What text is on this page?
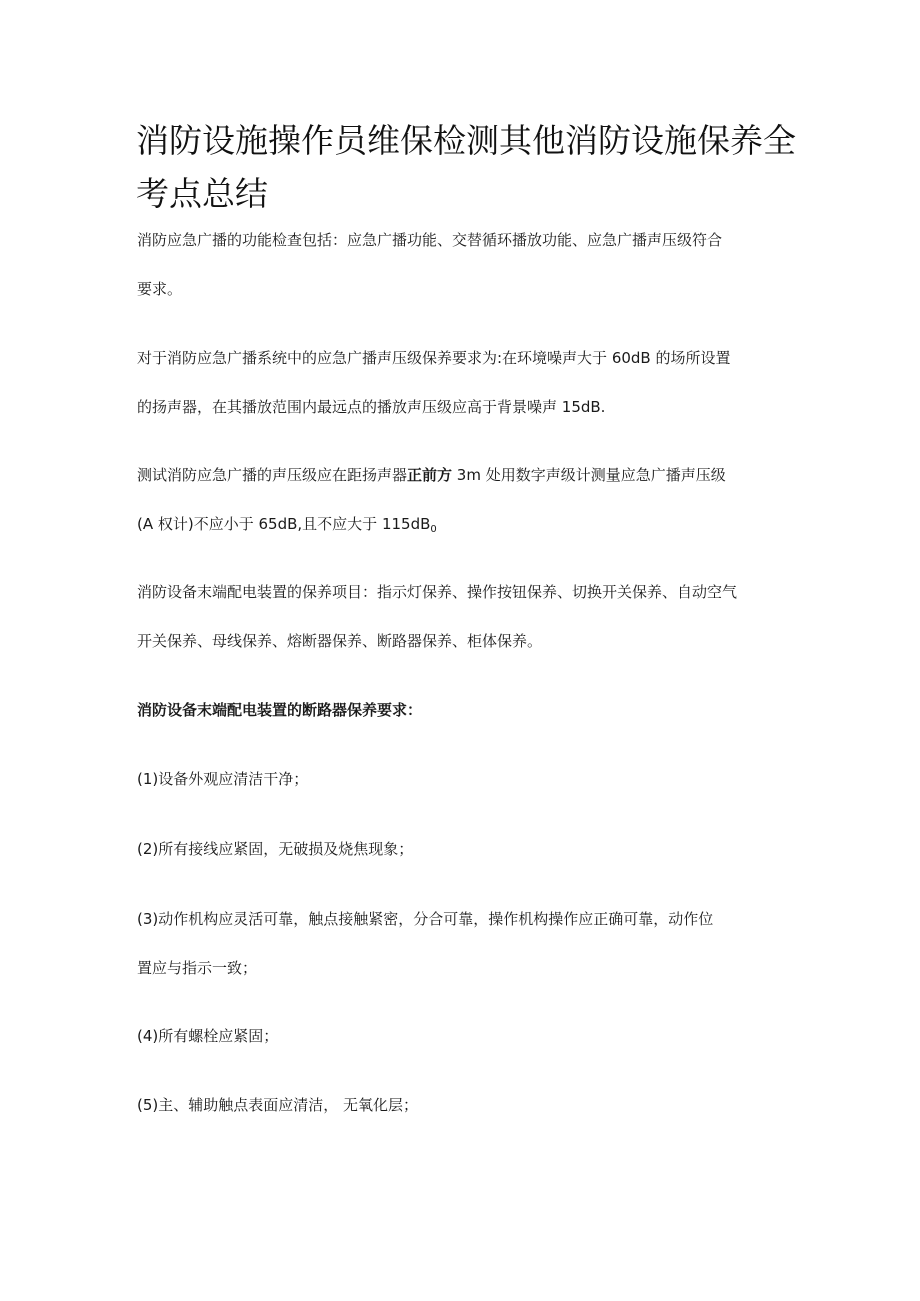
消防设施操作员维保检测其他消防设施保养全考点总结
消防应急广播的功能检查包括：应急广播功能、交替循环播放功能、应急广播声压级符合
要求。
对于消防应急广播系统中的应急广播声压级保养要求为:在环境噪声大于 60dB 的场所设置
的扬声器，在其播放范围内最远点的播放声压级应高于背景噪声 15dB.
测试消防应急广播的声压级应在距扬声器正前方 3m 处用数字声级计测量应急广播声压级
(A 权计)不应小于 65dB,且不应大于 $115dB_0$
消防设备末端配电装置的保养项目：指示灯保养、操作按钮保养、切换开关保养、自动空气
开关保养、母线保养、熔断器保养、断路器保养、柜体保养。
消防设备末端配电装置的断路器保养要求：
(1)设备外观应清洁干净；
(2)所有接线应紧固，无破损及烧焦现象；
(3)动作机构应灵活可靠，触点接触紧密，分合可靠，操作机构操作应正确可靠，动作位
置应与指示一致；
(4)所有螺栓应紧固；
(5)主、辅助触点表面应清洁， 无氧化层；
